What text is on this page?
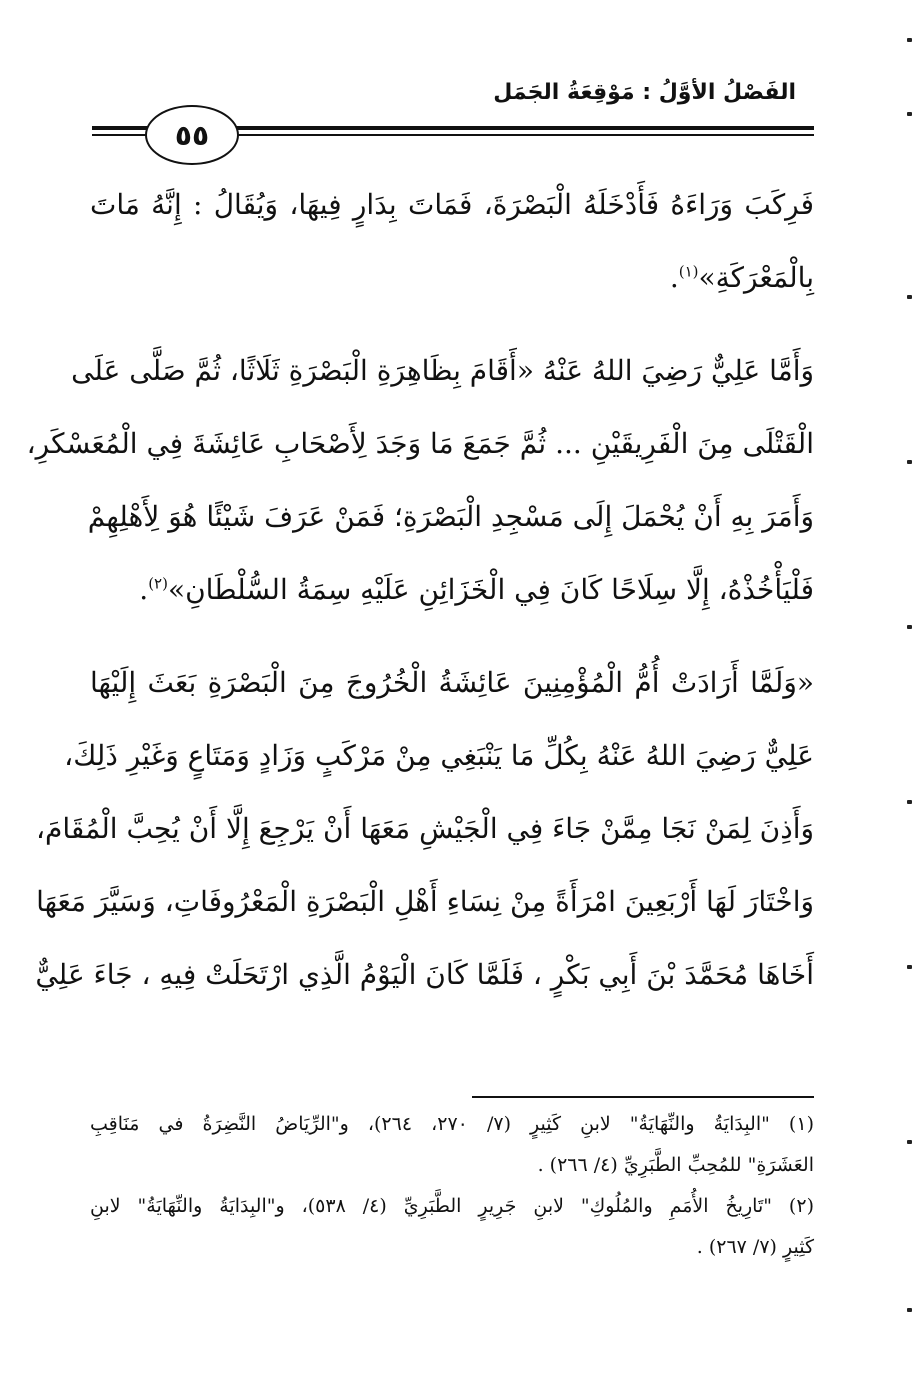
الفَصْلُ الأوَّلُ : مَوْقِعَةُ الجَمَل
٥٥
فَرِكَبَ وَرَاءَهُ فَأَدْخَلَهُ الْبَصْرَةَ، فَمَاتَ بِدَارٍ فِيهَا، وَيُقَالُ : إِنَّهُ مَاتَ
بِالْمَعْرَكَةِ»$^{(١)}$.
وَأَمَّا عَلِيٌّ رَضِيَ اللهُ عَنْهُ «أَقَامَ بِظَاهِرَةِ الْبَصْرَةِ ثَلَاثًا، ثُمَّ صَلَّى عَلَى
الْقَتْلَى مِنَ الْفَرِيقَيْنِ ... ثُمَّ جَمَعَ مَا وَجَدَ لِأَصْحَابِ عَائِشَةَ فِي الْمُعَسْكَرِ،
وَأَمَرَ بِهِ أَنْ يُحْمَلَ إِلَى مَسْجِدِ الْبَصْرَةِ؛ فَمَنْ عَرَفَ شَيْئًا هُوَ لِأَهْلِهِمْ
فَلْيَأْخُذْهُ، إِلَّا سِلَاحًا كَانَ فِي الْخَزَائِنِ عَلَيْهِ سِمَةُ السُّلْطَانِ»$^{(٢)}$.
«وَلَمَّا أَرَادَتْ أُمُّ الْمُؤْمِنِينَ عَائِشَةُ الْخُرُوجَ مِنَ الْبَصْرَةِ بَعَثَ إِلَيْهَا
عَلِيٌّ رَضِيَ اللهُ عَنْهُ بِكُلِّ مَا يَنْبَغِي مِنْ مَرْكَبٍ وَزَادٍ وَمَتَاعٍ وَغَيْرِ ذَلِكَ،
وَأَذِنَ لِمَنْ نَجَا مِمَّنْ جَاءَ فِي الْجَيْشِ مَعَهَا أَنْ يَرْجِعَ إِلَّا أَنْ يُحِبَّ الْمُقَامَ،
وَاخْتَارَ لَهَا أَرْبَعِينَ امْرَأَةً مِنْ نِسَاءِ أَهْلِ الْبَصْرَةِ الْمَعْرُوفَاتِ، وَسَيَّرَ مَعَهَا
أَخَاهَا مُحَمَّدَ بْنَ أَبِي بَكْرٍ ، فَلَمَّا كَانَ الْيَوْمُ الَّذِي ارْتَحَلَتْ فِيهِ ، جَاءَ عَلِيٌّ
(١) "البِدَايَةُ والنِّهَايَةُ" لابنِ كَثِيرٍ (٧/ ٢٧٠، ٢٦٤)، و"الرِّيَاضُ النَّضِرَةُ في مَنَاقِبِ
العَشَرَةِ" للمُحِبِّ الطَّبَرِيِّ (٤/ ٢٦٦) .
(٢) "تَارِيخُ الأُمَمِ والمُلُوكِ" لابنِ جَرِيرٍ الطَّبَرِيِّ (٤/ ٥٣٨)، و"البِدَايَةُ والنِّهَايَةُ" لابنِ
كَثِيرٍ (٧/ ٢٦٧) .
